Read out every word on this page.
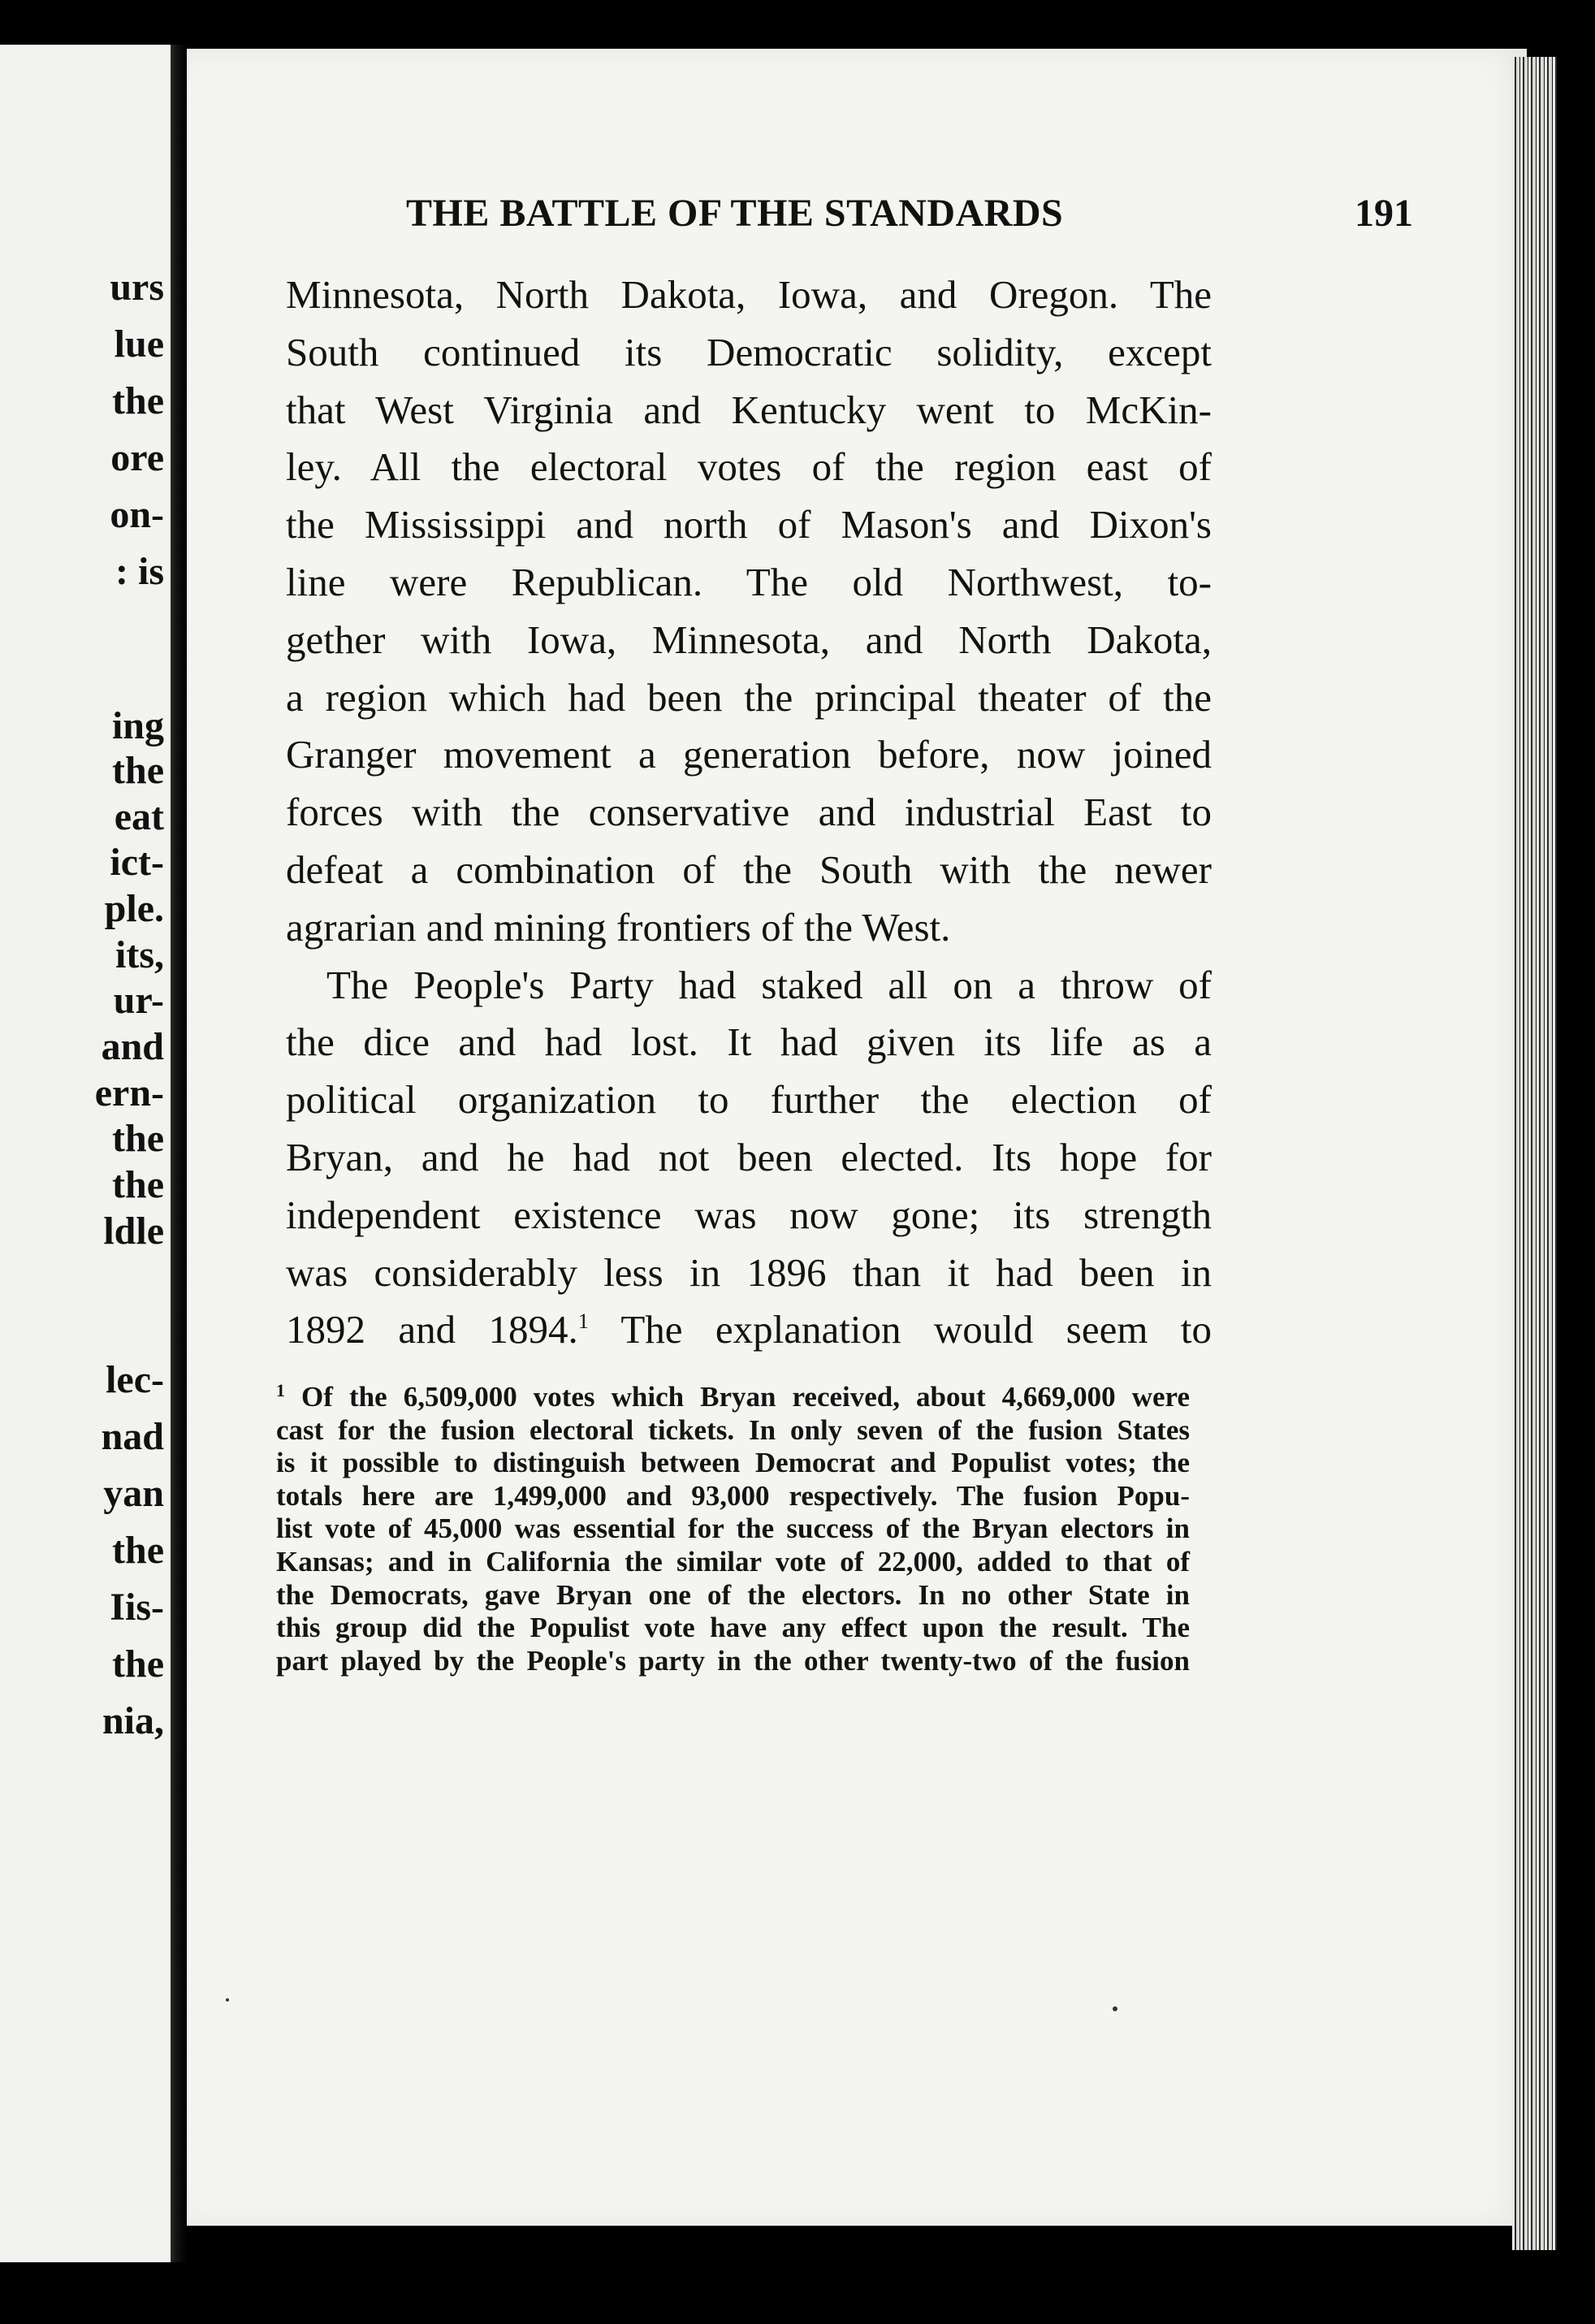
urs
lue
the
ore
on-
: is
ing
the
eat
ict-
ple.
its,
ur-
and
ern-
the
the
ldle
lec-
nad
yan
the
Iis-
the
nia,
THE BATTLE OF THE STANDARDS	191
Minnesota, North Dakota, Iowa, and Oregon. The
South continued its Democratic solidity, except
that West Virginia and Kentucky went to McKin-
ley. All the electoral votes of the region east of
the Mississippi and north of Mason's and Dixon's
line were Republican. The old Northwest, to-
gether with Iowa, Minnesota, and North Dakota,
a region which had been the principal theater of the
Granger movement a generation before, now joined
forces with the conservative and industrial East to
defeat a combination of the South with the newer
agrarian and mining frontiers of the West.
The People's Party had staked all on a throw of
the dice and had lost. It had given its life as a
political organization to further the election of
Bryan, and he had not been elected. Its hope for
independent existence was now gone; its strength
was considerably less in 1896 than it had been in
1892 and 1894.$^1$ The explanation would seem to
$^1$ Of the 6,509,000 votes which Bryan received, about 4,669,000 were
cast for the fusion electoral tickets. In only seven of the fusion States
is it possible to distinguish between Democrat and Populist votes; the
totals here are 1,499,000 and 93,000 respectively. The fusion Popu-
list vote of 45,000 was essential for the success of the Bryan electors in
Kansas; and in California the similar vote of 22,000, added to that of
the Democrats, gave Bryan one of the electors. In no other State in
this group did the Populist vote have any effect upon the result. The
part played by the People's party in the other twenty-two of the fusion
